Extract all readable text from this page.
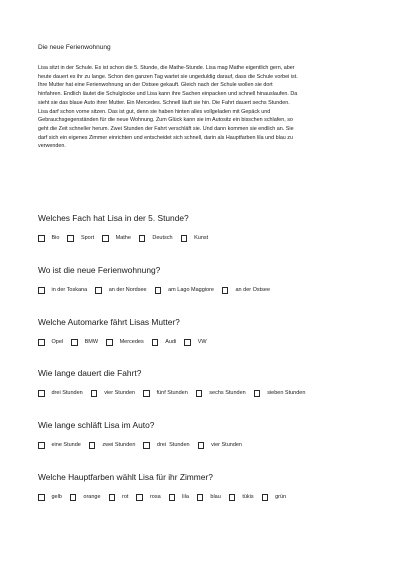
Die neue Ferienwohnung
Lisa sitzt in der Schule. Es ist schon die 5. Stunde, die Mathe-Stunde. Lisa mag Mathe eigentlich gern, aber
heute dauert es ihr zu lange. Schon den ganzen Tag wartet sie ungeduldig darauf, dass die Schule vorbei ist.
Ihre Mutter hat eine Ferienwohnung an der Ostsee gekauft. Gleich nach der Schule wollen sie dort
hinfahren. Endlich läutet die Schulglocke und Lisa kann ihre Sachen einpacken und schnell hinauslaufen. Da
sieht sie das blaue Auto ihrer Mutter. Ein Mercedes. Schnell läuft sie hin. Die Fahrt dauert sechs Stunden.
Lisa darf schon vorne sitzen. Das ist gut, denn sie haben hinten alles vollgeladen mit Gepäck und
Gebrauchsgegenständen für die neue Wohnung. Zum Glück kann sie im Autositz ein bisschen schlafen, so
geht die Zeit schneller herum. Zwei Stunden der Fahrt verschläft sie. Und dann kommen sie endlich an. Sie
darf sich ein eigenes Zimmer einrichten und entscheidet sich schnell, darin als Hauptfarben lila und blau zu
verwenden.
Welches Fach hat Lisa in der 5. Stunde?
Bio	Sport	Mathe	Deutsch	Kunst
Wo ist die neue Ferienwohnung?
in der Toskana	an der Nordsee	am Lago Maggiore	an der Ostsee
Welche Automarke fährt Lisas Mutter?
Opel	BMW	Mercedes	Audi	VW
Wie lange dauert die Fahrt?
drei Stunden	vier Stunden	fünf Stunden	sechs Stunden	sieben Stunden
Wie lange schläft Lisa im Auto?
eine Stunde	zwei Stunden	drei  Stunden	vier Stunden
Welche Hauptfarben wählt Lisa für ihr Zimmer?
gelb	orange	rot	rosa	lila	blau	tükis	grün
